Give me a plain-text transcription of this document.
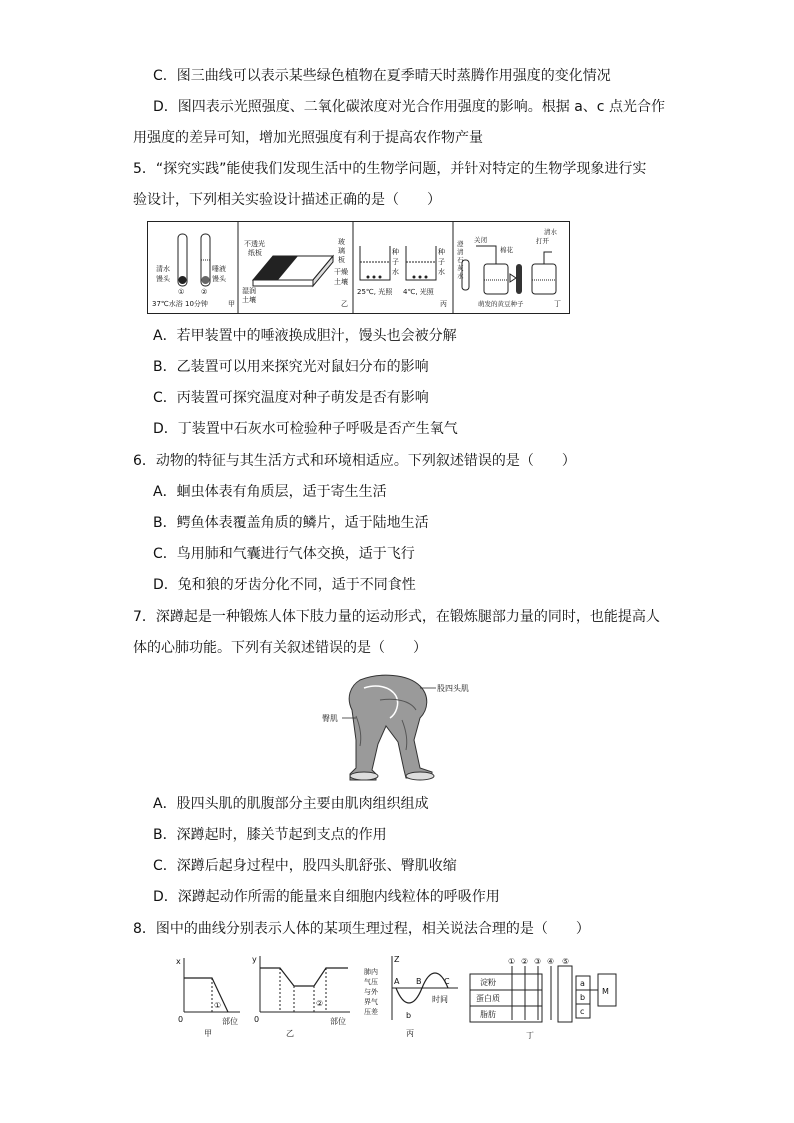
C．图三曲线可以表示某些绿色植物在夏季晴天时蒸腾作用强度的变化情况
D．图四表示光照强度、二氧化碳浓度对光合作用强度的影响。根据 a、c 点光合作
用强度的差异可知，增加光照强度有利于提高农作物产量
5．“探究实践”能使我们发现生活中的生物学问题，并针对特定的生物学现象进行实
验设计，下列相关实验设计描述正确的是（　　）
清水
馒头
唾液
馒头
① ②
37℃水浴 10分钟	甲
不透光
纸板
玻
璃
板
干燥
土壤
湿润
土壤	乙
种
子
水
种
子
水
25℃, 光照 4℃, 光照
丙
澄
清
石
灰
水
关闭
棉花
清水
打开
萌发的黄豆种子	丁
A．若甲装置中的唾液换成胆汁，馒头也会被分解
B．乙装置可以用来探究光对鼠妇分布的影响
C．丙装置可探究温度对种子萌发是否有影响
D．丁装置中石灰水可检验种子呼吸是否产生氧气
6．动物的特征与其生活方式和环境相适应。下列叙述错误的是（　　）
A．蛔虫体表有角质层，适于寄生生活
B．鳄鱼体表覆盖角质的鳞片，适于陆地生活
C．鸟用肺和气囊进行气体交换，适于飞行
D．兔和狼的牙齿分化不同，适于不同食性
7．深蹲起是一种锻炼人体下肢力量的运动形式，在锻炼腿部力量的同时，也能提高人
体的心肺功能。下列有关叙述错误的是（　　）
股四头肌
臀肌
A．股四头肌的肌腹部分主要由肌肉组织组成
B．深蹲起时，膝关节起到支点的作用
C．深蹲后起身过程中，股四头肌舒张、臀肌收缩
D．深蹲起动作所需的能量来自细胞内线粒体的呼吸作用
8．图中的曲线分别表示人体的某项生理过程，相关说法合理的是（　　）
x
0
①
部位
甲
y
0
②
部位
乙
Z
肺内
气压
与外
界气
压差
A B	C
b
时间
丙
淀粉
蛋白质
脂肪
① ② ③ ④ ⑤
a
b
c
M
丁
